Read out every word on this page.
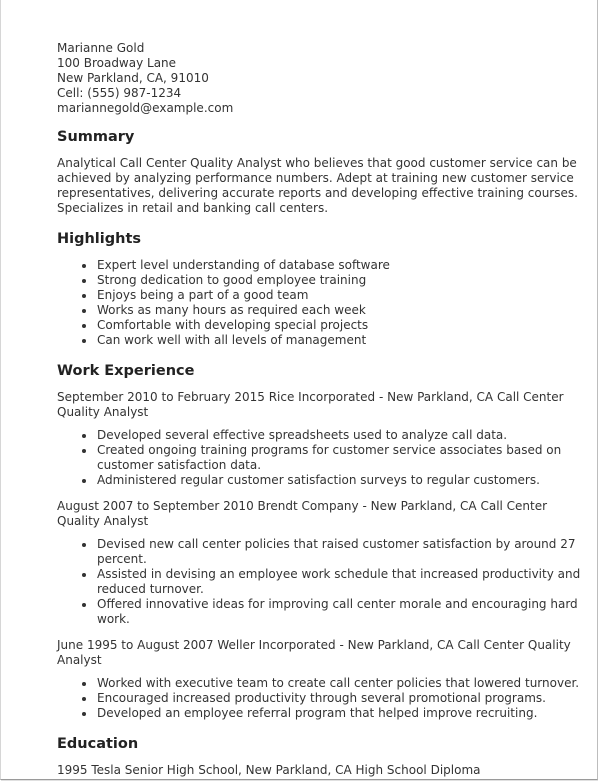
Marianne Gold
100 Broadway Lane
New Parkland, CA, 91010
Cell: (555) 987-1234
mariannegold@example.com
Summary

Analytical Call Center Quality Analyst who believes that good customer service can be achieved by analyzing performance numbers. Adept at training new customer service representatives, delivering accurate reports and developing effective training courses. Specializes in retail and banking call centers.

Highlights
Expert level understanding of database software
Strong dedication to good employee training
Enjoys being a part of a good team
Works as many hours as required each week
Comfortable with developing special projects
Can work well with all levels of management
Work Experience
September 2010 to February 2015 Rice Incorporated - New Parkland, CA Call Center Quality Analyst
Developed several effective spreadsheets used to analyze call data.
Created ongoing training programs for customer service associates based on customer satisfaction data.
Administered regular customer satisfaction surveys to regular customers.
August 2007 to September 2010 Brendt Company - New Parkland, CA Call Center Quality Analyst
Devised new call center policies that raised customer satisfaction by around 27 percent.
Assisted in devising an employee work schedule that increased productivity and reduced turnover.
Offered innovative ideas for improving call center morale and encouraging hard work.
June 1995 to August 2007 Weller Incorporated - New Parkland, CA Call Center Quality Analyst
Worked with executive team to create call center policies that lowered turnover.
Encouraged increased productivity through several promotional programs.
Developed an employee referral program that helped improve recruiting.
Education

1995 Tesla Senior High School, New Parkland, CA High School Diploma
